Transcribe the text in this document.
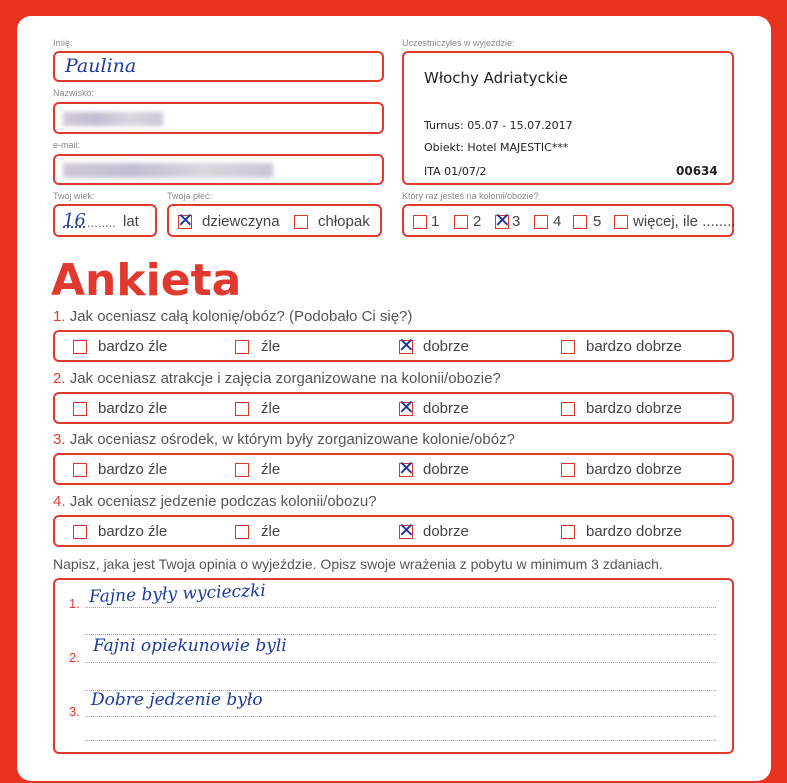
Imię:
Paulina
Nazwisko:
e-mail:
Twój wiek:
16 ........ lat
Twoja płeć:
✕ dziewczyna	chłopak
Uczestniczyłeś w wyjeździe:
Włochy Adriatyckie
Turnus: 05.07 - 15.07.2017
Obiekt: Hotel MAJESTIC***
ITA 01/07/2	00634
Który raz jesteś na kolonii/obozie?
1 2 ✕ 3 4 5 więcej, ile ........
Ankieta
1. Jak oceniasz całą kolonię/obóz? (Podobało Ci się?)
bardzo źle	źle	✕ dobrze	bardzo dobrze
2. Jak oceniasz atrakcje i zajęcia zorganizowane na kolonii/obozie?
bardzo źle	źle	✕ dobrze	bardzo dobrze
3. Jak oceniasz ośrodek, w którym były zorganizowane kolonie/obóz?
bardzo źle	źle	✕ dobrze	bardzo dobrze
4. Jak oceniasz jedzenie podczas kolonii/obozu?
bardzo źle	źle	✕ dobrze	bardzo dobrze
Napisz, jaka jest Twoja opinia o wyjeździe. Opisz swoje wrażenia z pobytu w minimum 3 zdaniach.
1. Fajne były wycieczki
2.
Fajni opiekunowie byli
3.
Dobre jedzenie było
